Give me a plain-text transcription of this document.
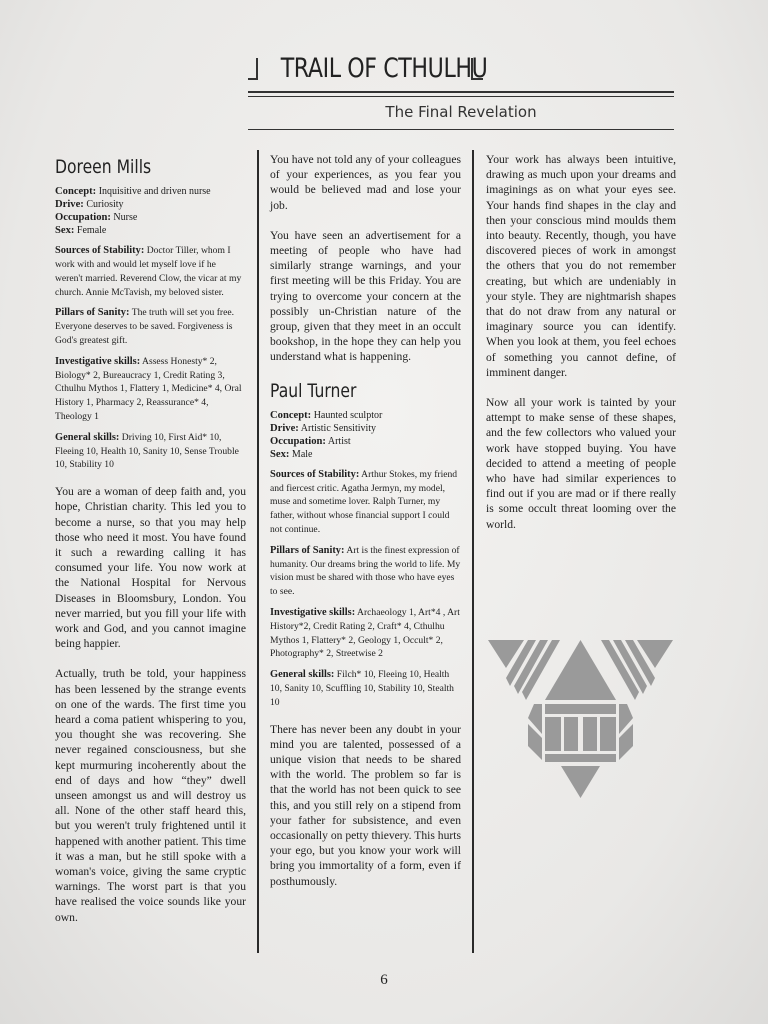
TRAIL OF CTHULHU
The Final Revelation
Doreen Mills
Concept: Inquisitive and driven nurse
Drive: Curiosity
Occupation: Nurse
Sex: Female

Sources of Stability: Doctor Tiller, whom I work with and would let myself love if he weren't married. Reverend Clow, the vicar at my church. Annie McTavish, my beloved sister.

Pillars of Sanity: The truth will set you free. Everyone deserves to be saved. Forgiveness is God's greatest gift.

Investigative skills: Assess Honesty* 2, Biology* 2, Bureaucracy 1, Credit Rating 3, Cthulhu Mythos 1, Flattery 1, Medicine* 4, Oral History 1, Pharmacy 2, Reassurance* 4, Theology 1

General skills: Driving 10, First Aid* 10, Fleeing 10, Health 10, Sanity 10, Sense Trouble 10, Stability 10

You are a woman of deep faith and, you hope, Christian charity. This led you to become a nurse, so that you may help those who need it most. You have found it such a rewarding calling it has consumed your life. You now work at the National Hospital for Nervous Diseases in Bloomsbury, London. You never married, but you fill your life with work and God, and you cannot imagine being happier.

Actually, truth be told, your happiness has been lessened by the strange events on one of the wards. The first time you heard a coma patient whispering to you, you thought she was recovering. She never regained consciousness, but she kept murmuring incoherently about the end of days and how “they” dwell unseen amongst us and will destroy us all. None of the other staff heard this, but you weren't truly frightened until it happened with another patient. This time it was a man, but he still spoke with a woman's voice, giving the same cryptic warnings. The worst part is that you have realised the voice sounds like your own.

You have not told any of your colleagues of your experiences, as you fear you would be believed mad and lose your job.

You have seen an advertisement for a meeting of people who have had similarly strange warnings, and your first meeting will be this Friday. You are trying to overcome your concern at the possibly un-Christian nature of the group, given that they meet in an occult bookshop, in the hope they can help you understand what is happening.

Paul Turner
Concept: Haunted sculptor
Drive: Artistic Sensitivity
Occupation: Artist
Sex: Male

Sources of Stability: Arthur Stokes, my friend and fiercest critic. Agatha Jermyn, my model, muse and sometime lover. Ralph Turner, my father, without whose financial support I could not continue.

Pillars of Sanity: Art is the finest expression of humanity. Our dreams bring the world to life. My vision must be shared with those who have eyes to see.

Investigative skills: Archaeology 1, Art*4 , Art History*2, Credit Rating 2, Craft* 4, Cthulhu Mythos 1, Flattery* 2, Geology 1, Occult* 2, Photography* 2, Streetwise 2

General skills: Filch* 10, Fleeing 10, Health 10, Sanity 10, Scuffling 10, Stability 10, Stealth 10

There has never been any doubt in your mind you are talented, possessed of a unique vision that needs to be shared with the world. The problem so far is that the world has not been quick to see this, and you still rely on a stipend from your father for subsistence, and even occasionally on petty thievery. This hurts your ego, but you know your work will bring you immortality of a form, even if posthumously.

Your work has always been intuitive, drawing as much upon your dreams and imaginings as on what your eyes see. Your hands find shapes in the clay and then your conscious mind moulds them into beauty. Recently, though, you have discovered pieces of work in amongst the others that you do not remember creating, but which are undeniably in your style. They are nightmarish shapes that do not draw from any natural or imaginary source you can identify. When you look at them, you feel echoes of something you cannot define, of imminent danger.

Now all your work is tainted by your attempt to make sense of these shapes, and the few collectors who valued your work have stopped buying. You have decided to attend a meeting of people who have had similar experiences to find out if you are mad or if there really is some occult threat looming over the world.

6
